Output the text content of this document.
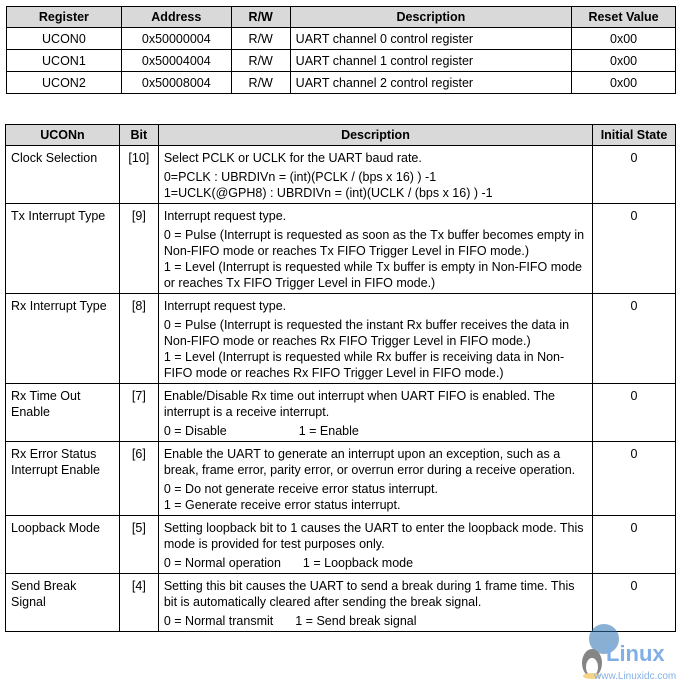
Register	Address	R/W	Description	Reset Value
UCON0	0x50000004	R/W	UART channel 0 control register	0x00
UCON1	0x50004004	R/W	UART channel 1 control register	0x00
UCON2	0x50008004	R/W	UART channel 2 control register	0x00
UCONn	Bit	Description	Initial State
Clock Selection	[10]	Select PCLK or UCLK for the UART baud rate.

0=PCLK : UBRDIVn = (int)(PCLK / (bps x 16) ) -1

1=UCLK(@GPH8) : UBRDIVn = (int)(UCLK / (bps x 16) ) -1	0
Tx Interrupt Type	[9]	Interrupt request type.

0 = Pulse (Interrupt is requested as soon as the Tx buffer becomes empty in Non-FIFO mode or reaches Tx FIFO Trigger Level in FIFO mode.)

1 = Level (Interrupt is requested while Tx buffer is empty in Non-FIFO mode or reaches Tx FIFO Trigger Level in FIFO mode.)	0
Rx Interrupt Type	[8]	Interrupt request type.

0 = Pulse (Interrupt is requested the instant Rx buffer receives the data in Non-FIFO mode or reaches Rx FIFO Trigger Level in FIFO mode.)

1 = Level (Interrupt is requested while Rx buffer is receiving data in Non-FIFO mode or reaches Rx FIFO Trigger Level in FIFO mode.)	0
Rx Time Out Enable	[7]	Enable/Disable Rx time out interrupt when UART FIFO is enabled. The interrupt is a receive interrupt.

0 = Disable 1 = Enable	0
Rx Error Status Interrupt Enable	[6]	Enable the UART to generate an interrupt upon an exception, such as a break, frame error, parity error, or overrun error during a receive operation.

0 = Do not generate receive error status interrupt.

1 = Generate receive error status interrupt.	0
Loopback Mode	[5]	Setting loopback bit to 1 causes the UART to enter the loopback mode. This mode is provided for test purposes only.

0 = Normal operation 1 = Loopback mode	0
Send Break Signal	[4]	Setting this bit causes the UART to send a break during 1 frame time. This bit is automatically cleared after sending the break signal.

0 = Normal transmit 1 = Send break signal	0
Linux
www.Linuxidc.com
